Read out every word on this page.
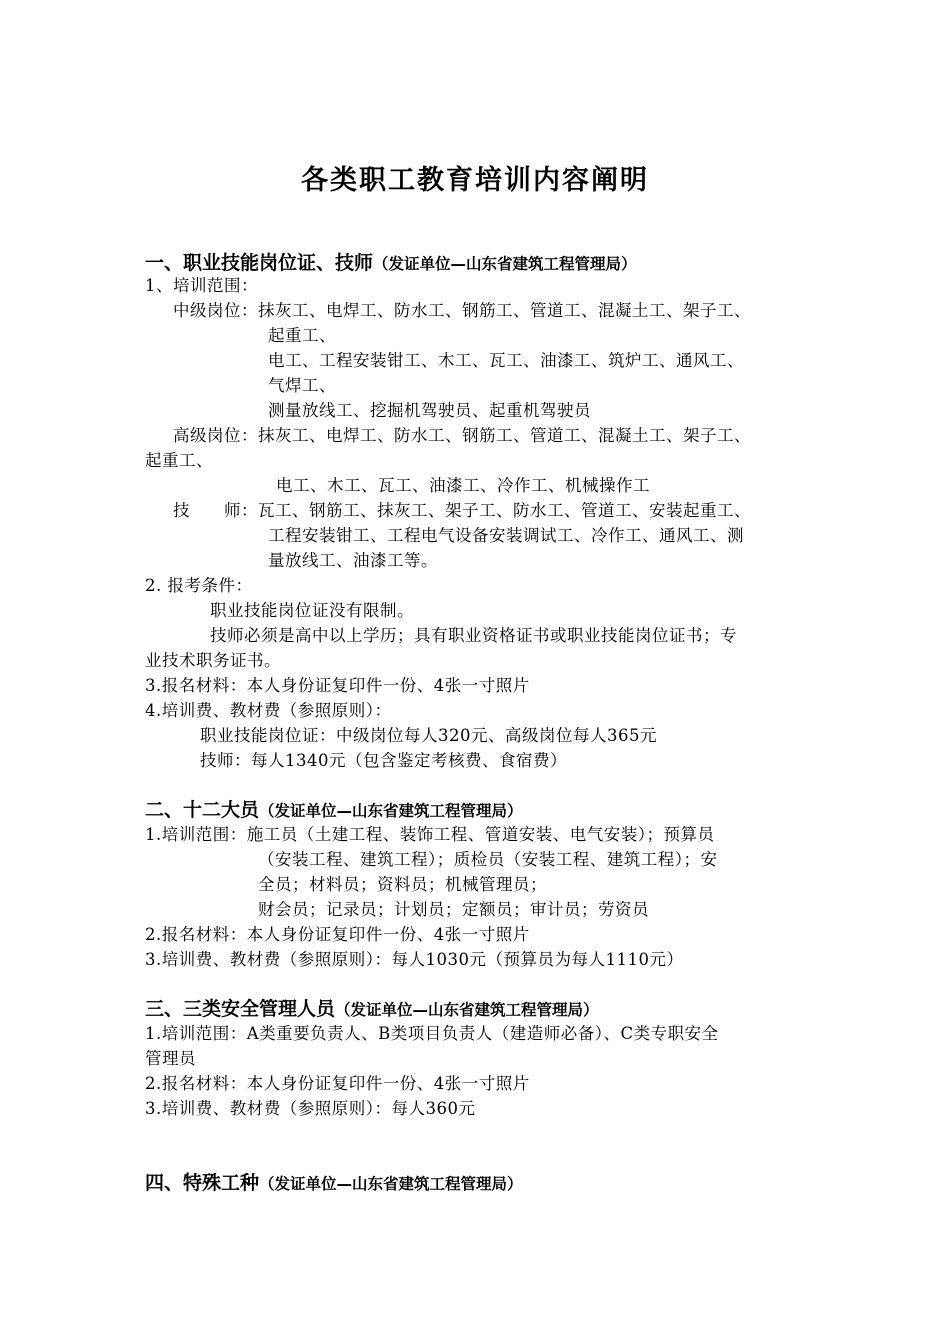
各类职工教育培训内容阐明
一、职业技能岗位证、技师（发证单位—山东省建筑工程管理局）
1、培训范围：
中级岗位：抹灰工、电焊工、防水工、钢筋工、管道工、混凝土工、架子工、
起重工、
电工、工程安装钳工、木工、瓦工、油漆工、筑炉工、通风工、
气焊工、
测量放线工、挖掘机驾驶员、起重机驾驶员
高级岗位：抹灰工、电焊工、防水工、钢筋工、管道工、混凝土工、架子工、
起重工、
电工、木工、瓦工、油漆工、冷作工、机械操作工
技　　师：瓦工、钢筋工、抹灰工、架子工、防水工、管道工、安装起重工、
工程安装钳工、工程电气设备安装调试工、冷作工、通风工、测
量放线工、油漆工等。
2. 报考条件：
职业技能岗位证没有限制。
技师必须是高中以上学历；具有职业资格证书或职业技能岗位证书；专
业技术职务证书。
3.报名材料：本人身份证复印件一份、4张一寸照片
4.培训费、教材费（参照原则）：
职业技能岗位证：中级岗位每人320元、高级岗位每人365元
技师：每人1340元（包含鉴定考核费、食宿费）
二、十二大员（发证单位—山东省建筑工程管理局）
1.培训范围：施工员（土建工程、装饰工程、管道安装、电气安装）；预算员
（安装工程、建筑工程）；质检员（安装工程、建筑工程）；安
全员；材料员；资料员；机械管理员；
财会员；记录员；计划员；定额员；审计员；劳资员
2.报名材料：本人身份证复印件一份、4张一寸照片
3.培训费、教材费（参照原则）：每人1030元（预算员为每人1110元）
三、三类安全管理人员（发证单位—山东省建筑工程管理局）
1.培训范围：A类重要负责人、B类项目负责人（建造师必备）、C类专职安全
管理员
2.报名材料：本人身份证复印件一份、4张一寸照片
3.培训费、教材费（参照原则）：每人360元
四、特殊工种（发证单位—山东省建筑工程管理局）
